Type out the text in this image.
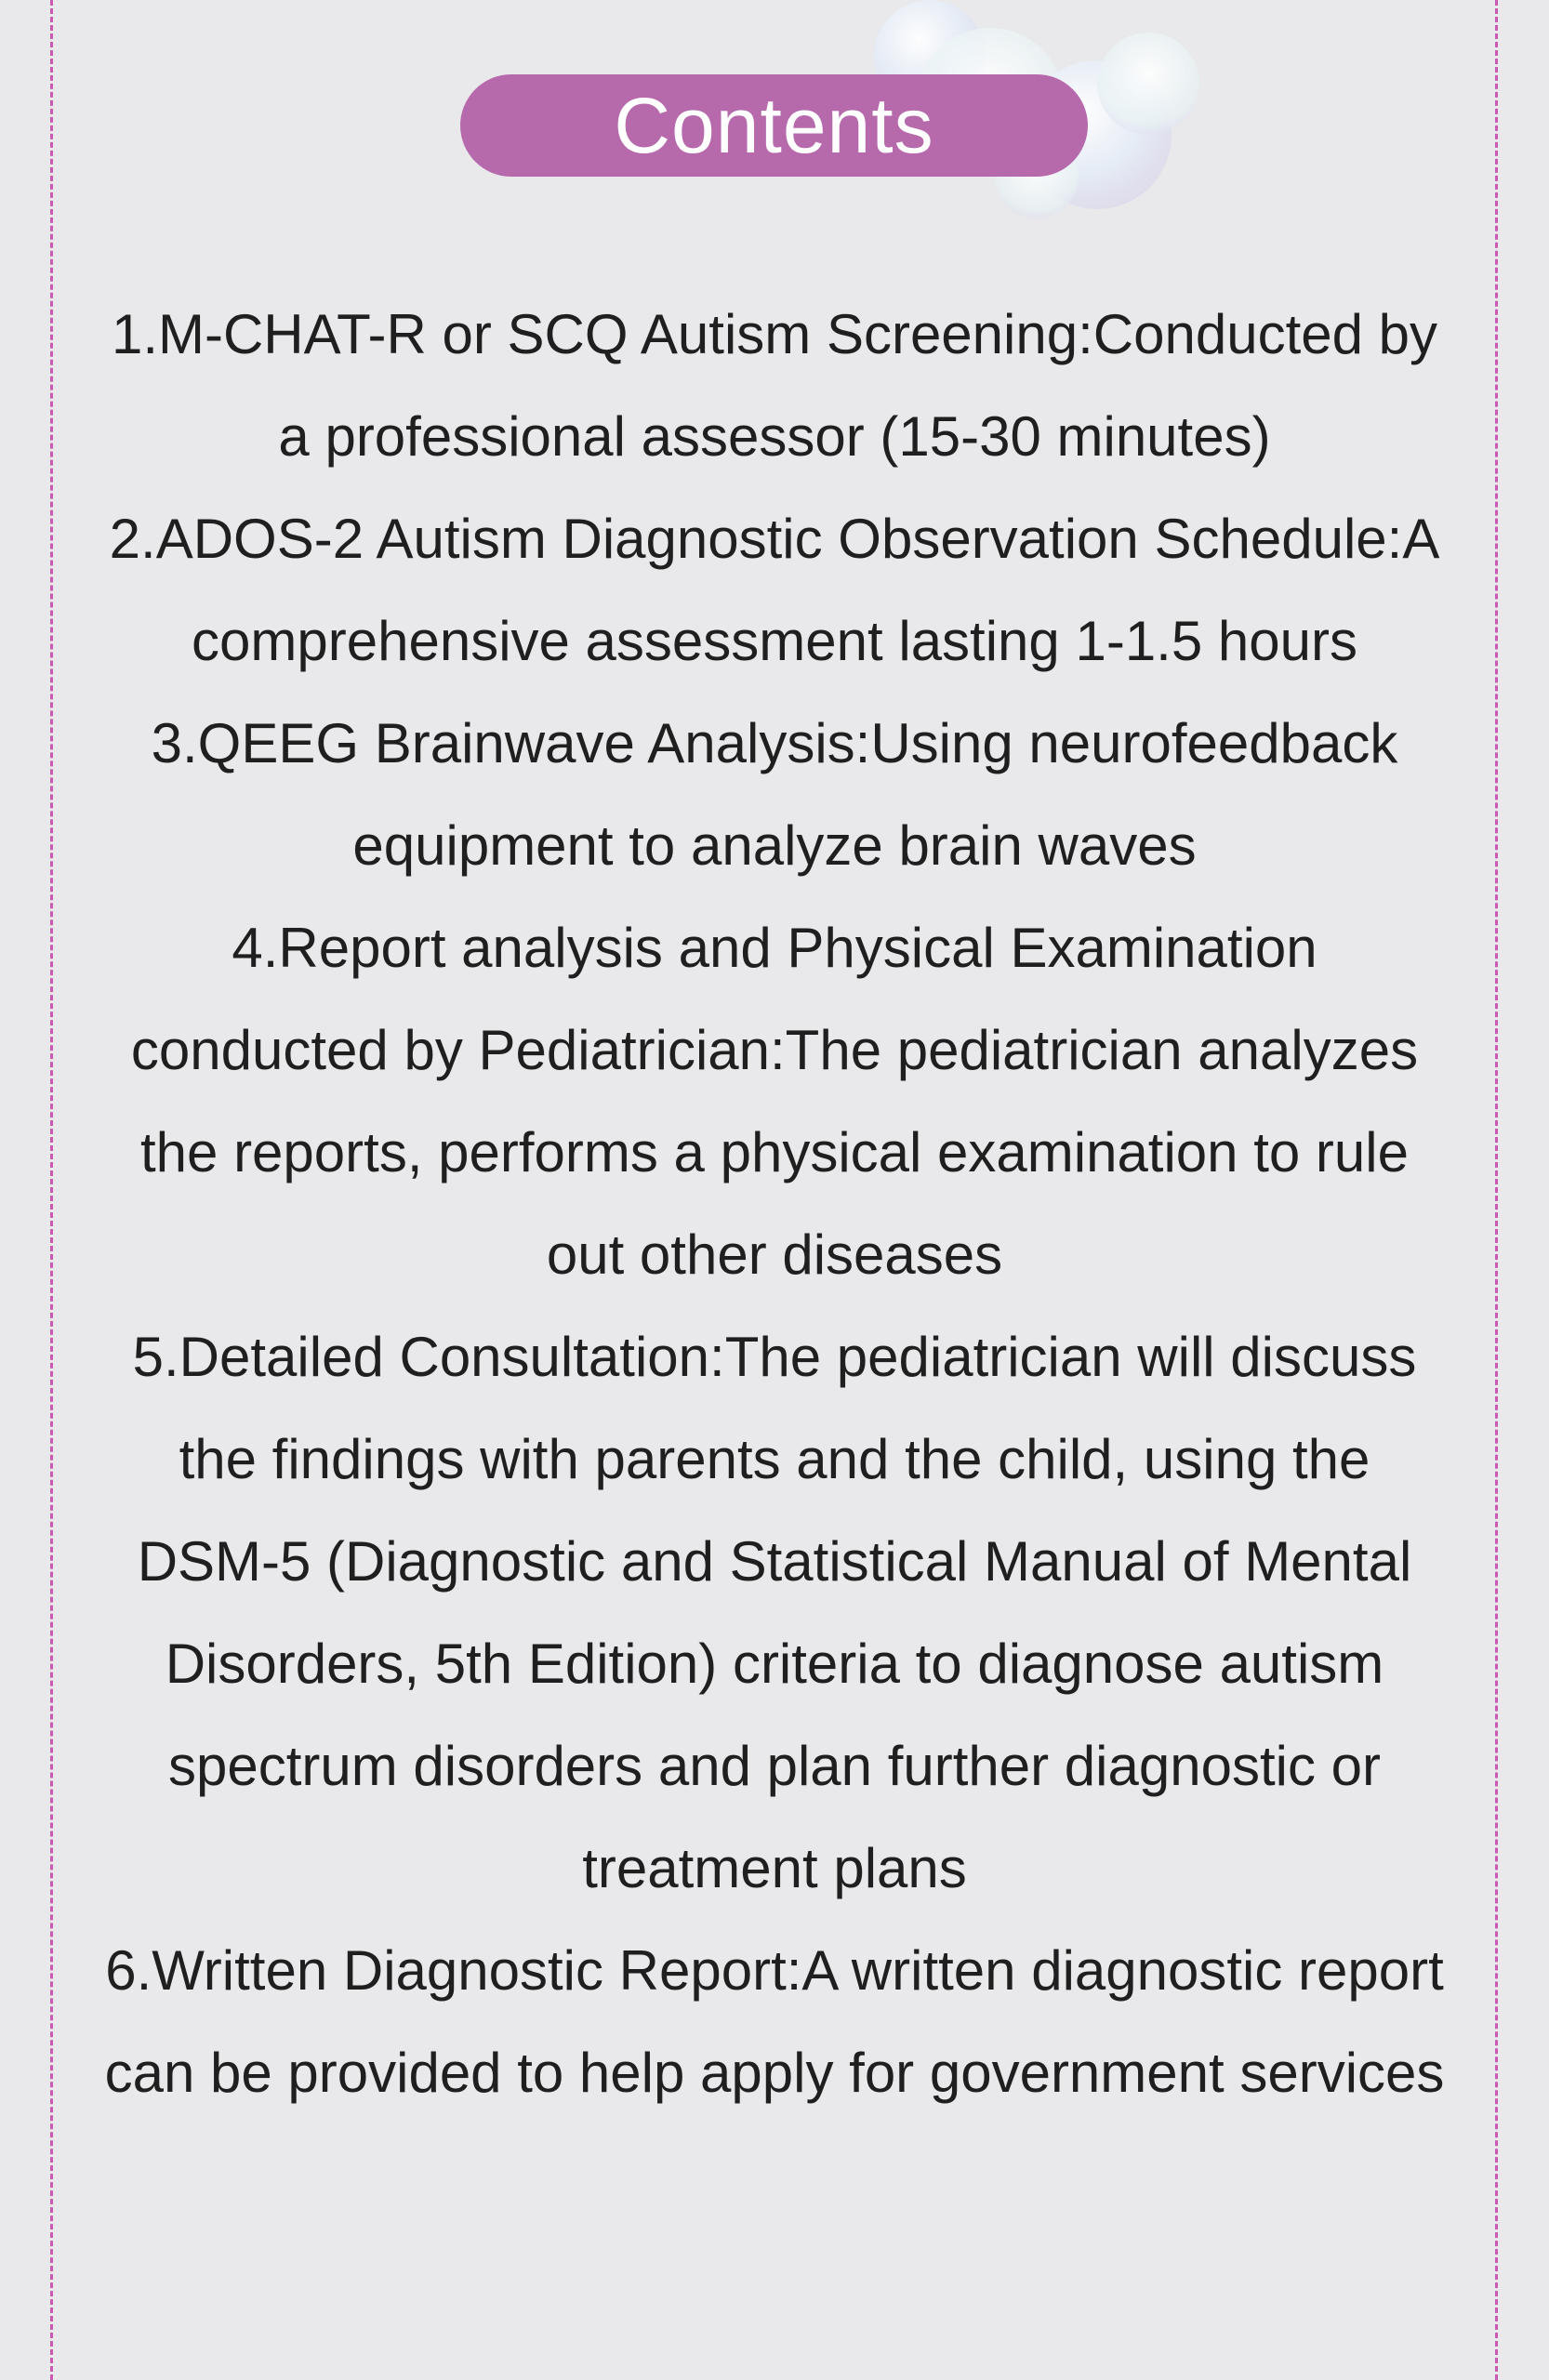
Contents
1.M-CHAT-R or SCQ Autism Screening:Conducted by a professional assessor (15-30 minutes)
2.ADOS-2 Autism Diagnostic Observation Schedule:A comprehensive assessment lasting 1-1.5 hours
3.QEEG Brainwave Analysis:Using neurofeedback equipment to analyze brain waves
4.Report analysis and Physical Examination conducted by Pediatrician:The pediatrician analyzes the reports, performs a physical examination to rule out other diseases
5.Detailed Consultation:The pediatrician will discuss the findings with parents and the child, using the DSM-5 (Diagnostic and Statistical Manual of Mental Disorders, 5th Edition) criteria to diagnose autism spectrum disorders and plan further diagnostic or treatment plans
6.Written Diagnostic Report:A written diagnostic report can be provided to help apply for government services
